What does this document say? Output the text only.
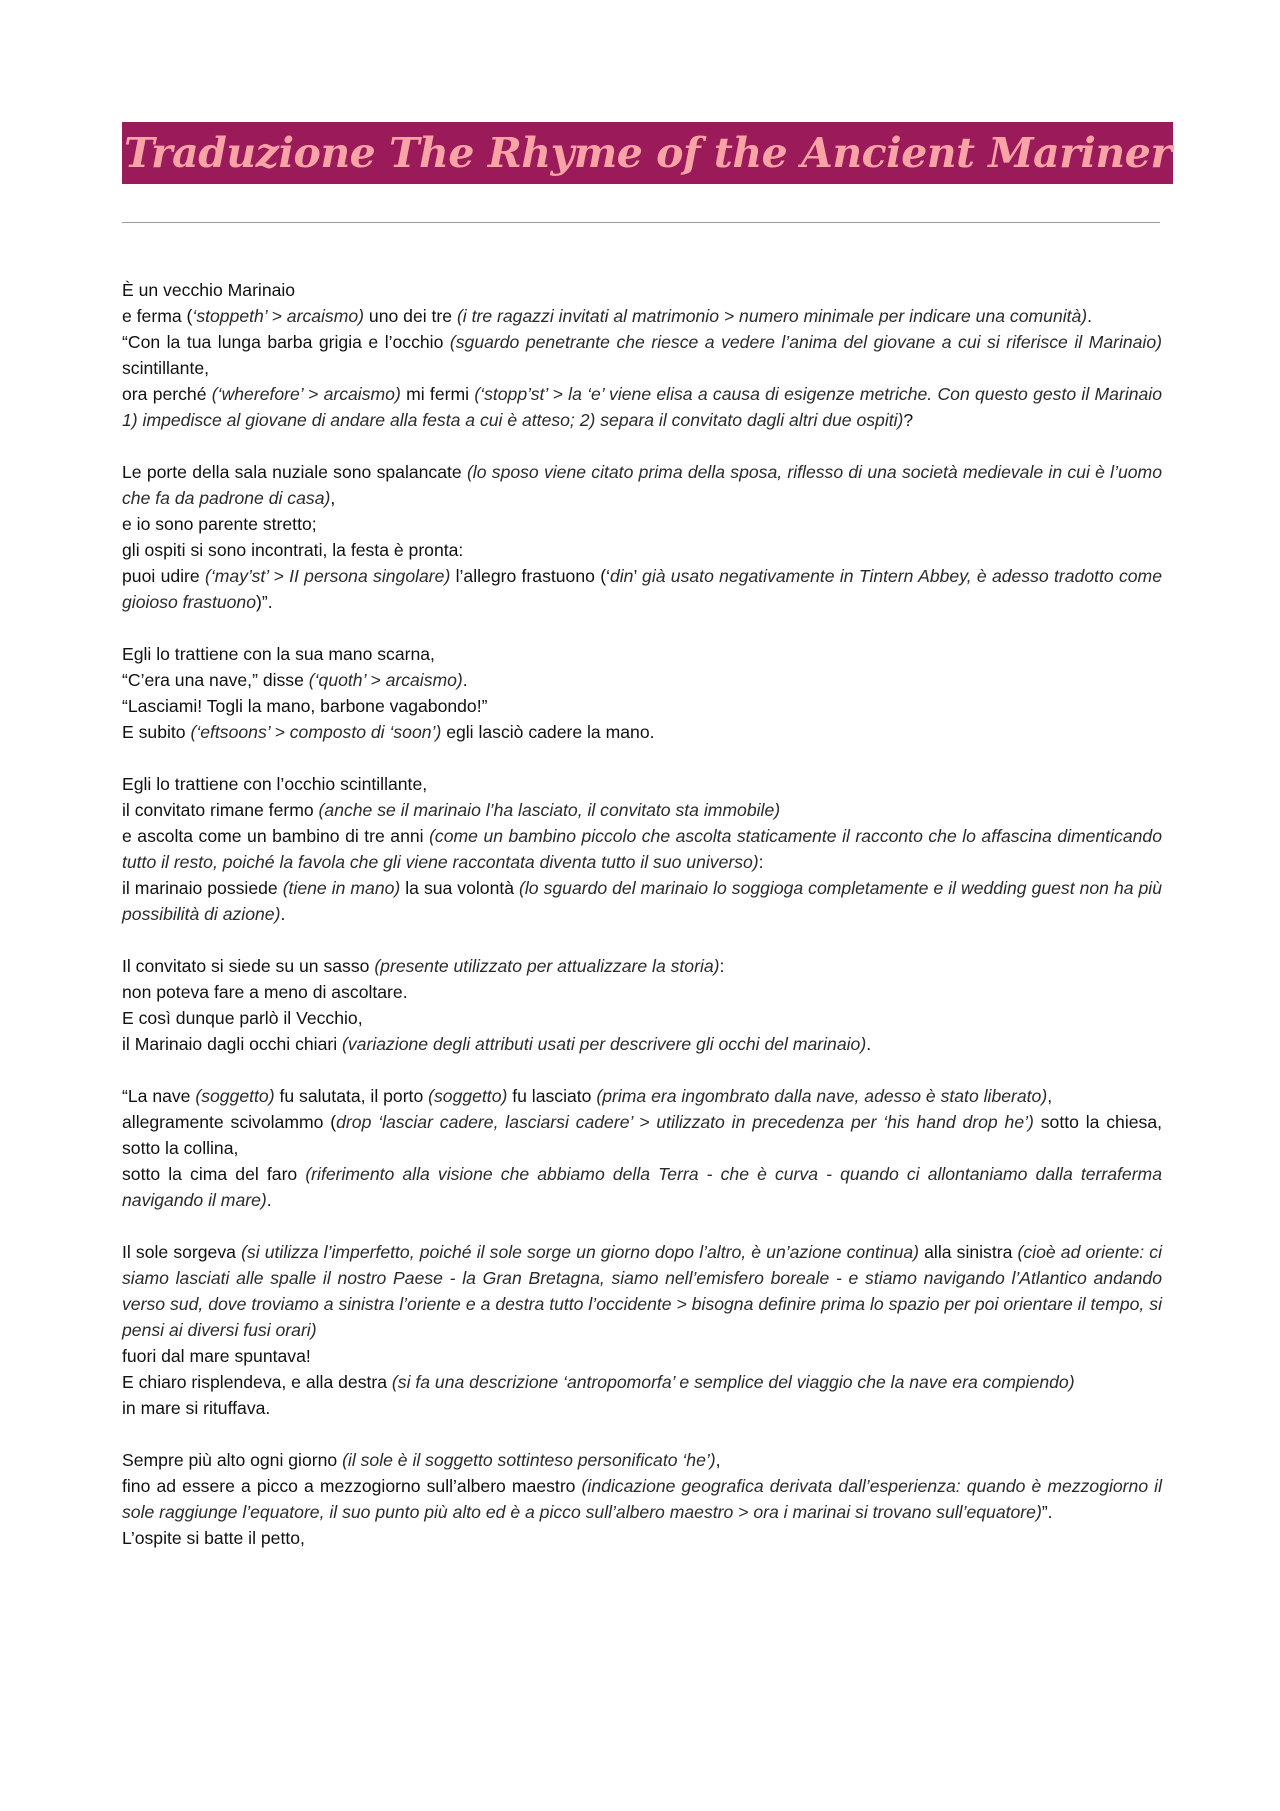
Traduzione The Rhyme of the Ancient Mariner
È un vecchio Marinaio
e ferma (‘stoppeth’ > arcaismo) uno dei tre (i tre ragazzi invitati al matrimonio > numero minimale per indicare una comunità).
“Con la tua lunga barba grigia e l’occhio (sguardo penetrante che riesce a vedere l’anima del giovane a cui si riferisce il Marinaio) scintillante,
ora perché (‘wherefore’ > arcaismo) mi fermi (‘stopp’st’ > la ‘e’ viene elisa a causa di esigenze metriche. Con questo gesto il Marinaio 1) impedisce al giovane di andare alla festa a cui è atteso; 2) separa il convitato dagli altri due ospiti)?
Le porte della sala nuziale sono spalancate (lo sposo viene citato prima della sposa, riflesso di una società medievale in cui è l’uomo che fa da padrone di casa),
e io sono parente stretto;
gli ospiti si sono incontrati, la festa è pronta:
puoi udire (‘may’st’ > II persona singolare) l’allegro frastuono (‘din’ già usato negativamente in Tintern Abbey, è adesso tradotto come gioioso frastuono)”.
Egli lo trattiene con la sua mano scarna,
“C’era una nave,” disse (‘quoth’ > arcaismo).
“Lasciami! Togli la mano, barbone vagabondo!”
E subito (‘eftsoons’ > composto di ‘soon’) egli lasciò cadere la mano.
Egli lo trattiene con l’occhio scintillante,
il convitato rimane fermo (anche se il marinaio l’ha lasciato, il convitato sta immobile)
e ascolta come un bambino di tre anni (come un bambino piccolo che ascolta staticamente il racconto che lo affascina dimenticando tutto il resto, poiché la favola che gli viene raccontata diventa tutto il suo universo):
il marinaio possiede (tiene in mano) la sua volontà (lo sguardo del marinaio lo soggioga completamente e il wedding guest non ha più possibilità di azione).
Il convitato si siede su un sasso (presente utilizzato per attualizzare la storia):
non poteva fare a meno di ascoltare.
E così dunque parlò il Vecchio,
il Marinaio dagli occhi chiari (variazione degli attributi usati per descrivere gli occhi del marinaio).
“La nave (soggetto) fu salutata, il porto (soggetto) fu lasciato (prima era ingombrato dalla nave, adesso è stato liberato),
allegramente scivolammo (drop ‘lasciar cadere, lasciarsi cadere’ > utilizzato in precedenza per ‘his hand drop he’) sotto la chiesa, sotto la collina,
sotto la cima del faro (riferimento alla visione che abbiamo della Terra - che è curva - quando ci allontaniamo dalla terraferma navigando il mare).
Il sole sorgeva (si utilizza l’imperfetto, poiché il sole sorge un giorno dopo l’altro, è un’azione continua) alla sinistra (cioè ad oriente: ci siamo lasciati alle spalle il nostro Paese - la Gran Bretagna, siamo nell’emisfero boreale - e stiamo navigando l’Atlantico andando verso sud, dove troviamo a sinistra l’oriente e a destra tutto l’occidente > bisogna definire prima lo spazio per poi orientare il tempo, si pensi ai diversi fusi orari)
fuori dal mare spuntava!
E chiaro risplendeva, e alla destra (si fa una descrizione ‘antropomorfa’ e semplice del viaggio che la nave era compiendo)
in mare si rituffava.
Sempre più alto ogni giorno (il sole è il soggetto sottinteso personificato ‘he’),
fino ad essere a picco a mezzogiorno sull’albero maestro (indicazione geografica derivata dall’esperienza: quando è mezzogiorno il sole raggiunge l’equatore, il suo punto più alto ed è a picco sull’albero maestro > ora i marinai si trovano sull’equatore)”.
L’ospite si batte il petto,
